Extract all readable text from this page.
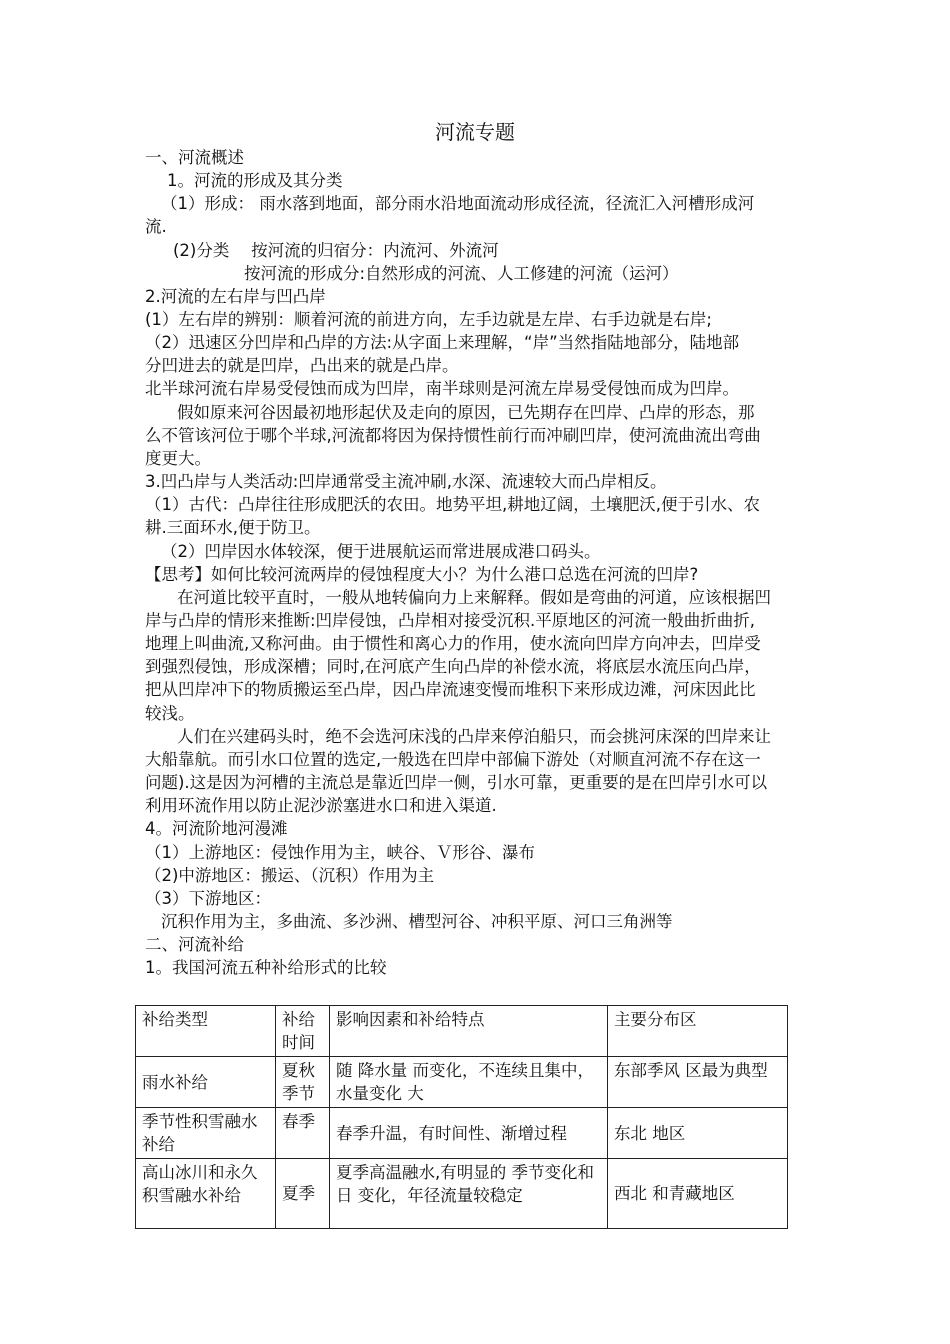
河流专题
一、河流概述
1。河流的形成及其分类
（1）形成： 雨水落到地面，部分雨水沿地面流动形成径流，径流汇入河槽形成河
流.
(2)分类 　按河流的归宿分：内流河、外流河
按河流的形成分:自然形成的河流、人工修建的河流（运河）
2.河流的左右岸与凹凸岸
(1）左右岸的辨别：顺着河流的前进方向，左手边就是左岸、右手边就是右岸;
（2）迅速区分凹岸和凸岸的方法:从字面上来理解，“岸”当然指陆地部分，陆地部
分凹进去的就是凹岸，凸出来的就是凸岸。
北半球河流右岸易受侵蚀而成为凹岸，南半球则是河流左岸易受侵蚀而成为凹岸。
假如原来河谷因最初地形起伏及走向的原因，已先期存在凹岸、凸岸的形态，那
么不管该河位于哪个半球,河流都将因为保持惯性前行而冲刷凹岸，使河流曲流出弯曲
度更大。
3.凹凸岸与人类活动:凹岸通常受主流冲刷,水深、流速较大而凸岸相反。
（1）古代：凸岸往往形成肥沃的农田。地势平坦,耕地辽阔，土壤肥沃,便于引水、农
耕.三面环水,便于防卫。
（2）凹岸因水体较深，便于进展航运而常进展成港口码头。
【思考】如何比较河流两岸的侵蚀程度大小？为什么港口总选在河流的凹岸?
在河道比较平直时，一般从地转偏向力上来解释。假如是弯曲的河道，应该根据凹
岸与凸岸的情形来推断:凹岸侵蚀，凸岸相对接受沉积.平原地区的河流一般曲折曲折,
地理上叫曲流,又称河曲。由于惯性和离心力的作用，使水流向凹岸方向冲去，凹岸受
到强烈侵蚀，形成深槽；同时,在河底产生向凸岸的补偿水流，将底层水流压向凸岸，
把从凹岸冲下的物质搬运至凸岸，因凸岸流速变慢而堆积下来形成边滩，河床因此比
较浅。
人们在兴建码头时，绝不会选河床浅的凸岸来停泊船只，而会挑河床深的凹岸来让
大船靠航。而引水口位置的选定,一般选在凹岸中部偏下游处（对顺直河流不存在这一
问题).这是因为河槽的主流总是靠近凹岸一侧，引水可靠，更重要的是在凹岸引水可以
利用环流作用以防止泥沙淤塞进水口和进入渠道.
4。河流阶地河漫滩
（1）上游地区：侵蚀作用为主，峡谷、Ｖ形谷、瀑布
（2)中游地区：搬运、（沉积）作用为主
（3）下游地区：
沉积作用为主，多曲流、多沙洲、槽型河谷、冲积平原、河口三角洲等
二、河流补给
1。我国河流五种补给形式的比较
补给类型	补给时间	影响因素和补给特点	主要分布区
雨水补给	夏秋季节	随 降水量 而变化，不连续且集中，水量变化 大	东部季风 区最为典型
季节性积雪融水补给	春季	春季升温，有时间性、渐增过程	东北 地区
高山冰川和永久积雪融水补给	夏季	夏季高温融水,有明显的 季节变化和 日 变化，年径流量较稳定	西北 和青藏地区
